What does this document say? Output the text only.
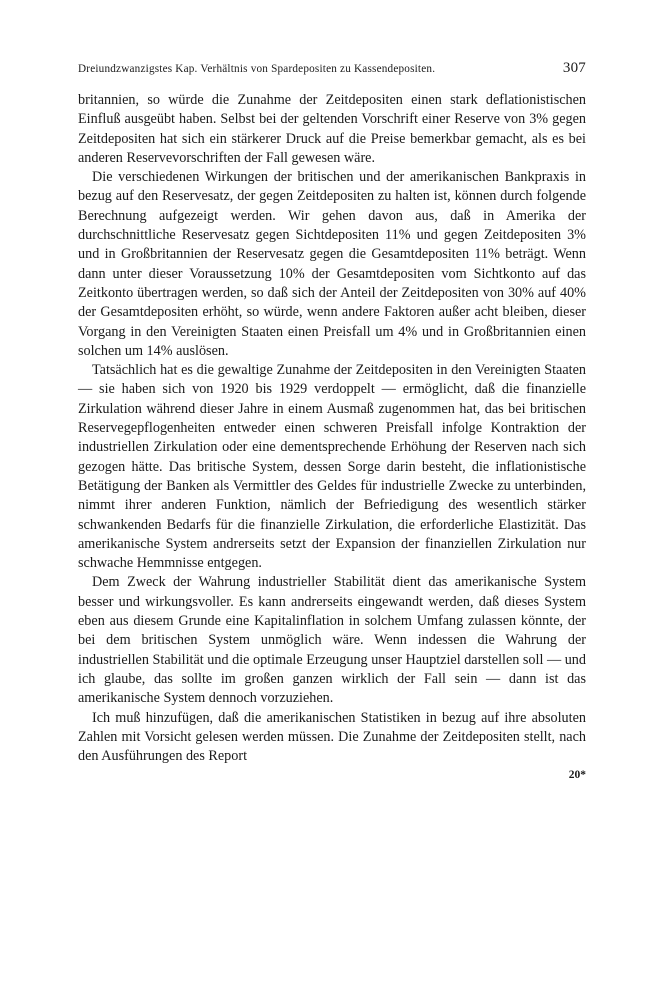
Dreiundzwanzigstes Kap. Verhältnis von Spardepositen zu Kassendepositen.	307

britannien, so würde die Zunahme der Zeitdepositen einen stark deflationistischen Einfluß ausgeübt haben. Selbst bei der geltenden Vorschrift einer Reserve von 3% gegen Zeitdepositen hat sich ein stärkerer Druck auf die Preise bemerkbar gemacht, als es bei anderen Reservevorschriften der Fall gewesen wäre.

Die verschiedenen Wirkungen der britischen und der amerikanischen Bankpraxis in bezug auf den Reservesatz, der gegen Zeitdepositen zu halten ist, können durch folgende Berechnung aufgezeigt werden. Wir gehen davon aus, daß in Amerika der durchschnittliche Reservesatz gegen Sichtdepositen 11% und gegen Zeitdepositen 3% und in Großbritannien der Reservesatz gegen die Gesamtdepositen 11% beträgt. Wenn dann unter dieser Voraussetzung 10% der Gesamtdepositen vom Sichtkonto auf das Zeitkonto übertragen werden, so daß sich der Anteil der Zeitdepositen von 30% auf 40% der Gesamtdepositen erhöht, so würde, wenn andere Faktoren außer acht bleiben, dieser Vorgang in den Vereinigten Staaten einen Preisfall um 4% und in Großbritannien einen solchen um 14% auslösen.

Tatsächlich hat es die gewaltige Zunahme der Zeitdepositen in den Vereinigten Staaten — sie haben sich von 1920 bis 1929 verdoppelt — ermöglicht, daß die finanzielle Zirkulation während dieser Jahre in einem Ausmaß zugenommen hat, das bei britischen Reservegepflogenheiten entweder einen schweren Preisfall infolge Kontraktion der industriellen Zirkulation oder eine dementsprechende Erhöhung der Reserven nach sich gezogen hätte. Das britische System, dessen Sorge darin besteht, die inflationistische Betätigung der Banken als Vermittler des Geldes für industrielle Zwecke zu unterbinden, nimmt ihrer anderen Funktion, nämlich der Befriedigung des wesentlich stärker schwankenden Bedarfs für die finanzielle Zirkulation, die erforderliche Elastizität. Das amerikanische System andrerseits setzt der Expansion der finanziellen Zirkulation nur schwache Hemmnisse entgegen.

Dem Zweck der Wahrung industrieller Stabilität dient das amerikanische System besser und wirkungsvoller. Es kann andrerseits eingewandt werden, daß dieses System eben aus diesem Grunde eine Kapitalinflation in solchem Umfang zulassen könnte, der bei dem britischen System unmöglich wäre. Wenn indessen die Wahrung der industriellen Stabilität und die optimale Erzeugung unser Hauptziel darstellen soll — und ich glaube, das sollte im großen ganzen wirklich der Fall sein — dann ist das amerikanische System dennoch vorzuziehen.

Ich muß hinzufügen, daß die amerikanischen Statistiken in bezug auf ihre absoluten Zahlen mit Vorsicht gelesen werden müssen. Die Zunahme der Zeitdepositen stellt, nach den Ausführungen des Report

20*
